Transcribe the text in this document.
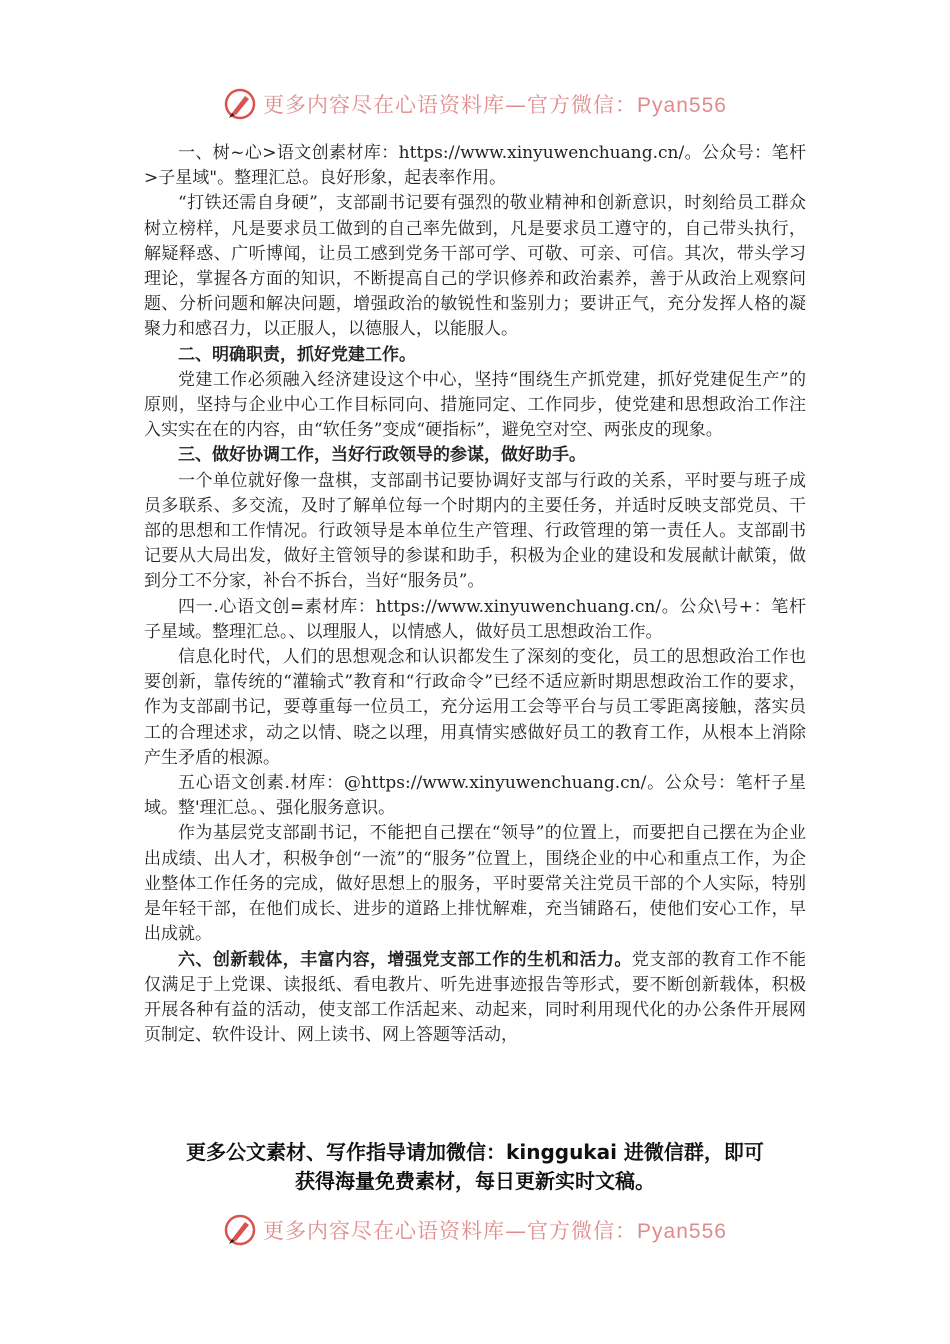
更多内容尽在心语资料库—官方微信：Pyan556

一、树~心>语文创素材库：https://www.xinyuwenchuang.cn/。公众号：笔杆>子星域"。整理汇总。良好形象，起表率作用。

“打铁还需自身硬”，支部副书记要有强烈的敬业精神和创新意识，时刻给员工群众树立榜样，凡是要求员工做到的自己率先做到，凡是要求员工遵守的，自己带头执行，解疑释惑、广听博闻，让员工感到党务干部可学、可敬、可亲、可信。其次，带头学习理论，掌握各方面的知识，不断提高自己的学识修养和政治素养，善于从政治上观察问题、分析问题和解决问题，增强政治的敏锐性和鉴别力；要讲正气，充分发挥人格的凝聚力和感召力，以正服人，以德服人，以能服人。

二、明确职责，抓好党建工作。

党建工作必须融入经济建设这个中心，坚持“围绕生产抓党建，抓好党建促生产”的原则，坚持与企业中心工作目标同向、措施同定、工作同步，使党建和思想政治工作注入实实在在的内容，由“软任务”变成“硬指标”，避免空对空、两张皮的现象。

三、做好协调工作，当好行政领导的参谋，做好助手。

一个单位就好像一盘棋，支部副书记要协调好支部与行政的关系，平时要与班子成员多联系、多交流，及时了解单位每一个时期内的主要任务，并适时反映支部党员、干部的思想和工作情况。行政领导是本单位生产管理、行政管理的第一责任人。支部副书记要从大局出发，做好主管领导的参谋和助手，积极为企业的建设和发展献计献策，做到分工不分家，补台不拆台，当好“服务员”。

四一.心语文创=素材库：https://www.xinyuwenchuang.cn/。公众\号+：笔杆子星域。整理汇总。、以理服人，以情感人，做好员工思想政治工作。

信息化时代，人们的思想观念和认识都发生了深刻的变化，员工的思想政治工作也要创新，靠传统的“灌输式”教育和“行政命令”已经不适应新时期思想政治工作的要求，作为支部副书记，要尊重每一位员工，充分运用工会等平台与员工零距离接触，落实员工的合理述求，动之以情、晓之以理，用真情实感做好员工的教育工作，从根本上消除产生矛盾的根源。

五心语文创素.材库：@https://www.xinyuwenchuang.cn/。公众号：笔杆子星域。整'理汇总。、强化服务意识。

作为基层党支部副书记，不能把自己摆在“领导”的位置上，而要把自己摆在为企业出成绩、出人才，积极争创“一流”的“服务”位置上，围绕企业的中心和重点工作，为企业整体工作任务的完成，做好思想上的服务，平时要常关注党员干部的个人实际，特别是年轻干部，在他们成长、进步的道路上排忧解难，充当铺路石，使他们安心工作，早出成就。

六、创新载体，丰富内容，增强党支部工作的生机和活力。党支部的教育工作不能仅满足于上党课、读报纸、看电教片、听先进事迹报告等形式，要不断创新载体，积极开展各种有益的活动，使支部工作活起来、动起来，同时利用现代化的办公条件开展网页制定、软件设计、网上读书、网上答题等活动，

更多公文素材、写作指导请加微信：kinggukai 进微信群，即可
获得海量免费素材，每日更新实时文稿。
更多内容尽在心语资料库—官方微信：Pyan556
